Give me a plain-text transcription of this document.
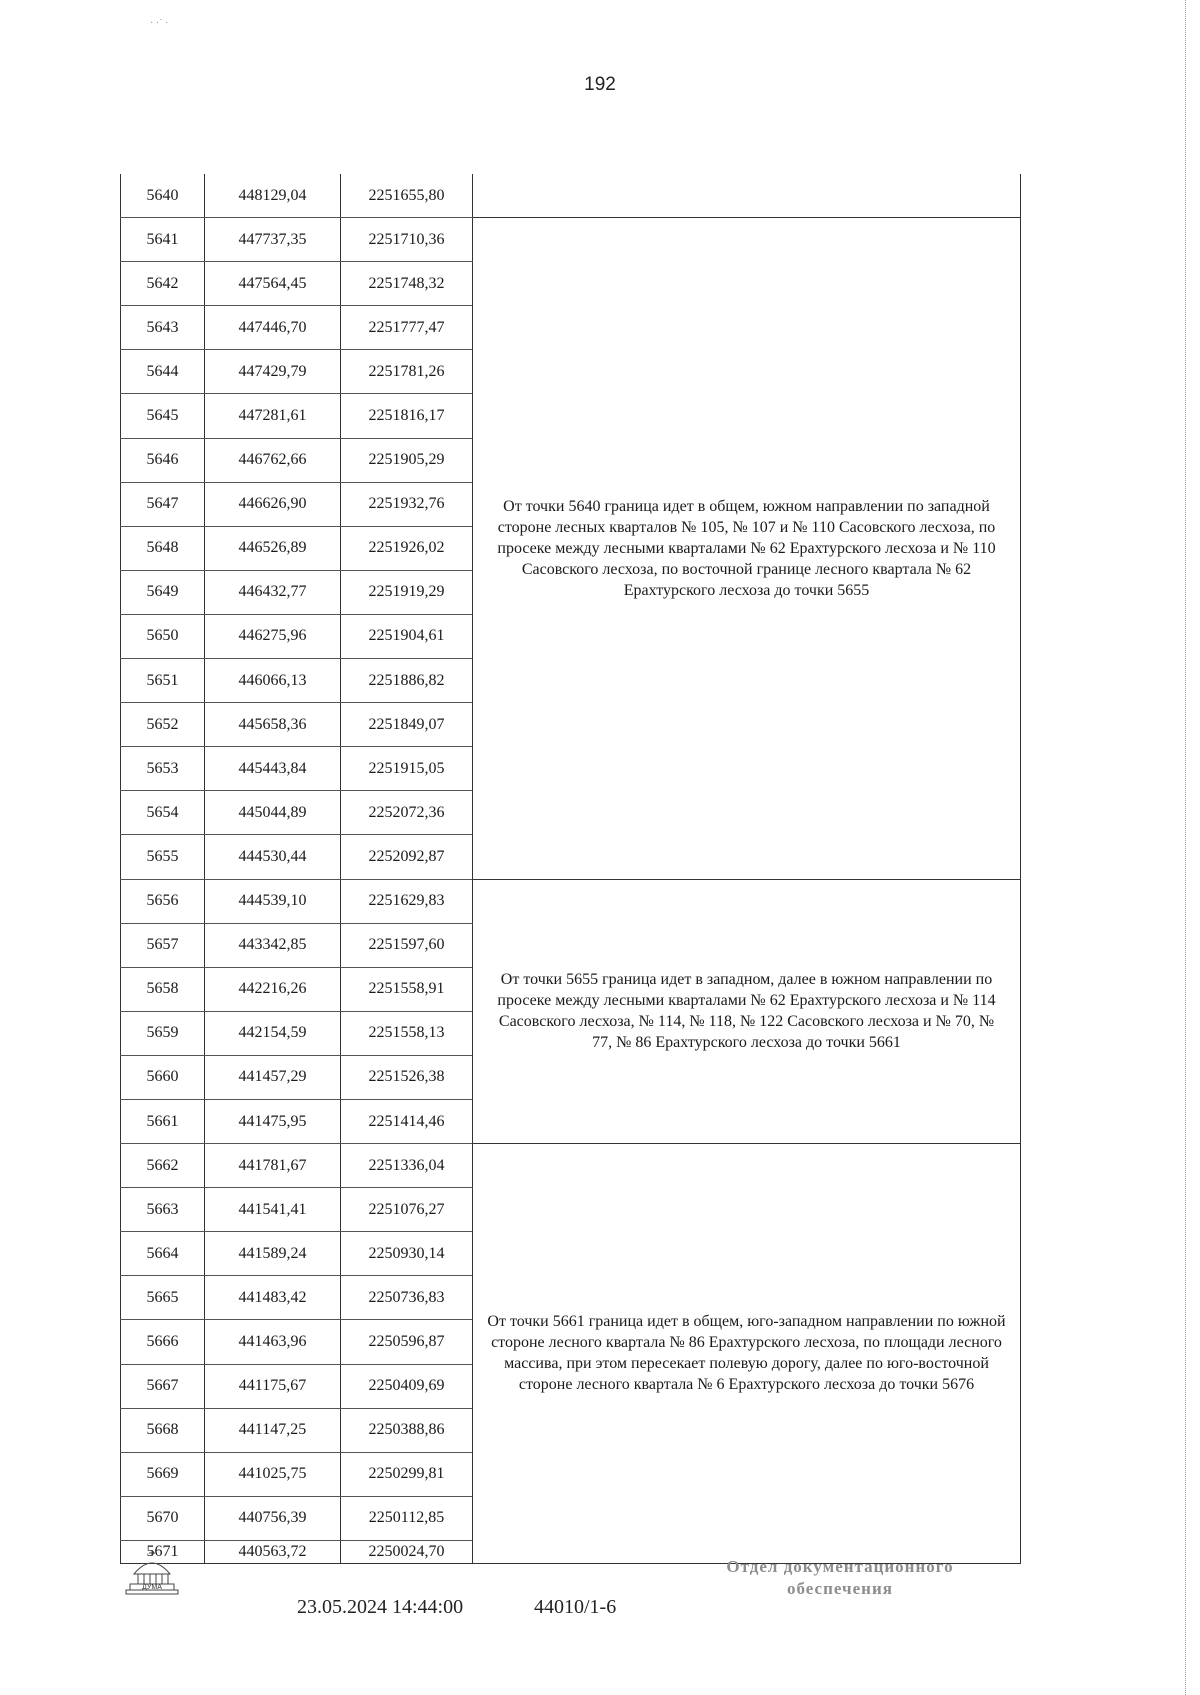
192
· ·˙ ·
5640	448129,04	2251655,80	
5641	447737,35	2251710,36	От точки 5640 граница идет в общем, южном направлении по западной стороне лесных кварталов № 105, № 107 и № 110 Сасовского лесхоза, по просеке между лесными кварталами № 62 Ерахтурского лесхоза и № 110 Сасовского лесхоза, по восточной границе лесного квартала № 62 Ерахтурского лесхоза до точки 5655
5642	447564,45	2251748,32	
5643	447446,70	2251777,47	
5644	447429,79	2251781,26	
5645	447281,61	2251816,17	
5646	446762,66	2251905,29	
5647	446626,90	2251932,76	
5648	446526,89	2251926,02	
5649	446432,77	2251919,29	
5650	446275,96	2251904,61	
5651	446066,13	2251886,82	
5652	445658,36	2251849,07	
5653	445443,84	2251915,05	
5654	445044,89	2252072,36	
5655	444530,44	2252092,87	
5656	444539,10	2251629,83	От точки 5655 граница идет в западном, далее в южном направлении по просеке между лесными кварталами № 62 Ерахтурского лесхоза и № 114 Сасовского лесхоза, № 114, № 118, № 122 Сасовского лесхоза и № 70, № 77, № 86 Ерахтурского лесхоза до точки 5661
5657	443342,85	2251597,60	
5658	442216,26	2251558,91	
5659	442154,59	2251558,13	
5660	441457,29	2251526,38	
5661	441475,95	2251414,46	
5662	441781,67	2251336,04	От точки 5661 граница идет в общем, юго-западном направлении по южной стороне лесного квартала № 86 Ерахтурского лесхоза, по площади лесного массива, при этом пересекает полевую дорогу, далее по юго-восточной стороне лесного квартала № 6 Ерахтурского лесхоза до точки 5676
5663	441541,41	2251076,27	
5664	441589,24	2250930,14	
5665	441483,42	2250736,83	
5666	441463,96	2250596,87	
5667	441175,67	2250409,69	
5668	441147,25	2250388,86	
5669	441025,75	2250299,81	
5670	440756,39	2250112,85	
5671	440563,72	2250024,70	
ДУМА
23.05.2024 14:44:00	44010/1-6
Отдел документационного
обеспечения
